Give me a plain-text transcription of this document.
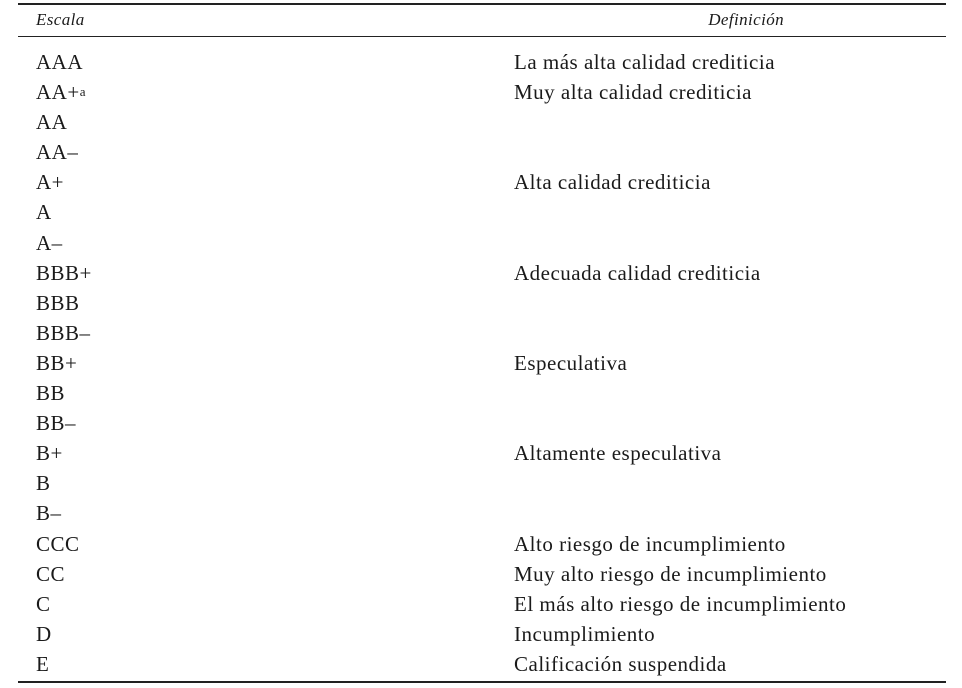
Escala	Definición
AAA	La más alta calidad crediticia
AA+$^a$	Muy alta calidad crediticia
AA
AA–
A+	Alta calidad crediticia
A
A–
BBB+	Adecuada calidad crediticia
BBB
BBB–
BB+	Especulativa
BB
BB–
B+	Altamente especulativa
B
B–
CCC	Alto riesgo de incumplimiento
CC	Muy alto riesgo de incumplimiento
C	El más alto riesgo de incumplimiento
D	Incumplimiento
E	Calificación suspendida
